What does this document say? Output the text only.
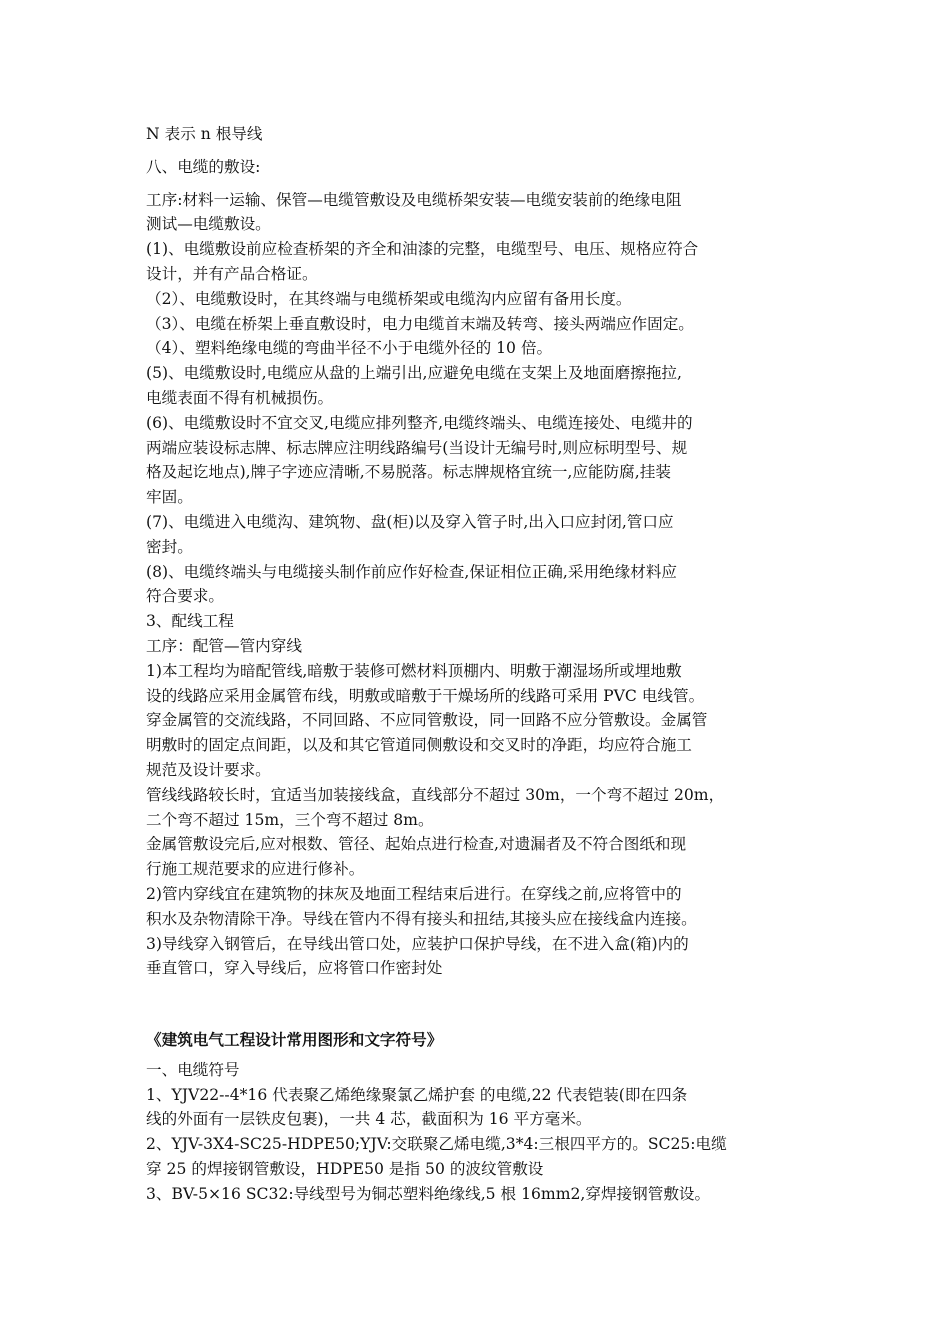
N 表示 n 根导线
八、电缆的敷设:
工序:材料一运输、保管—电缆管敷设及电缆桥架安装—电缆安装前的绝缘电阻
测试—电缆敷设。
(1)、电缆敷设前应检查桥架的齐全和油漆的完整，电缆型号、电压、规格应符合
设计，并有产品合格证。
（2）、电缆敷设时，在其终端与电缆桥架或电缆沟内应留有备用长度。
（3）、电缆在桥架上垂直敷设时，电力电缆首末端及转弯、接头两端应作固定。
（4）、塑料绝缘电缆的弯曲半径不小于电缆外径的 10 倍。
(5)、电缆敷设时,电缆应从盘的上端引出,应避免电缆在支架上及地面磨擦拖拉,
电缆表面不得有机械损伤。
(6)、电缆敷设时不宜交叉,电缆应排列整齐,电缆终端头、电缆连接处、电缆井的
两端应装设标志牌、标志牌应注明线路编号(当设计无编号时,则应标明型号、规
格及起讫地点),牌子字迹应清晰,不易脱落。标志牌规格宜统一,应能防腐,挂装
牢固。
(7)、电缆进入电缆沟、建筑物、盘(柜)以及穿入管子时,出入口应封闭,管口应
密封。
(8)、电缆终端头与电缆接头制作前应作好检查,保证相位正确,采用绝缘材料应
符合要求。
3、配线工程
工序：配管—管内穿线
1)本工程均为暗配管线,暗敷于装修可燃材料顶棚内、明敷于潮湿场所或埋地敷
设的线路应采用金属管布线，明敷或暗敷于干燥场所的线路可采用 PVC 电线管。
穿金属管的交流线路，不同回路、不应同管敷设，同一回路不应分管敷设。金属管
明敷时的固定点间距，以及和其它管道同侧敷设和交叉时的净距，均应符合施工
规范及设计要求。
管线线路较长时，宜适当加装接线盒，直线部分不超过 30m，一个弯不超过 20m，
二个弯不超过 15m，三个弯不超过 8m。
金属管敷设完后,应对根数、管径、起始点进行检查,对遗漏者及不符合图纸和现
行施工规范要求的应进行修补。
2)管内穿线宜在建筑物的抹灰及地面工程结束后进行。在穿线之前,应将管中的
积水及杂物清除干净。导线在管内不得有接头和扭结,其接头应在接线盒内连接。
3)导线穿入钢管后，在导线出管口处，应装护口保护导线，在不进入盒(箱)内的
垂直管口，穿入导线后，应将管口作密封处
《建筑电气工程设计常用图形和文字符号》
一、电缆符号
1、YJV22--4*16 代表聚乙烯绝缘聚氯乙烯护套 的电缆,22 代表铠装(即在四条
线的外面有一层铁皮包裹)，一共 4 芯，截面积为 16 平方毫米。
2、YJV-3X4-SC25-HDPE50;YJV:交联聚乙烯电缆,3*4:三根四平方的。SC25:电缆
穿 25 的焊接钢管敷设，HDPE50 是指 50 的波纹管敷设
3、BV-5×16 SC32:导线型号为铜芯塑料绝缘线,5 根 16mm2,穿焊接钢管敷设。
